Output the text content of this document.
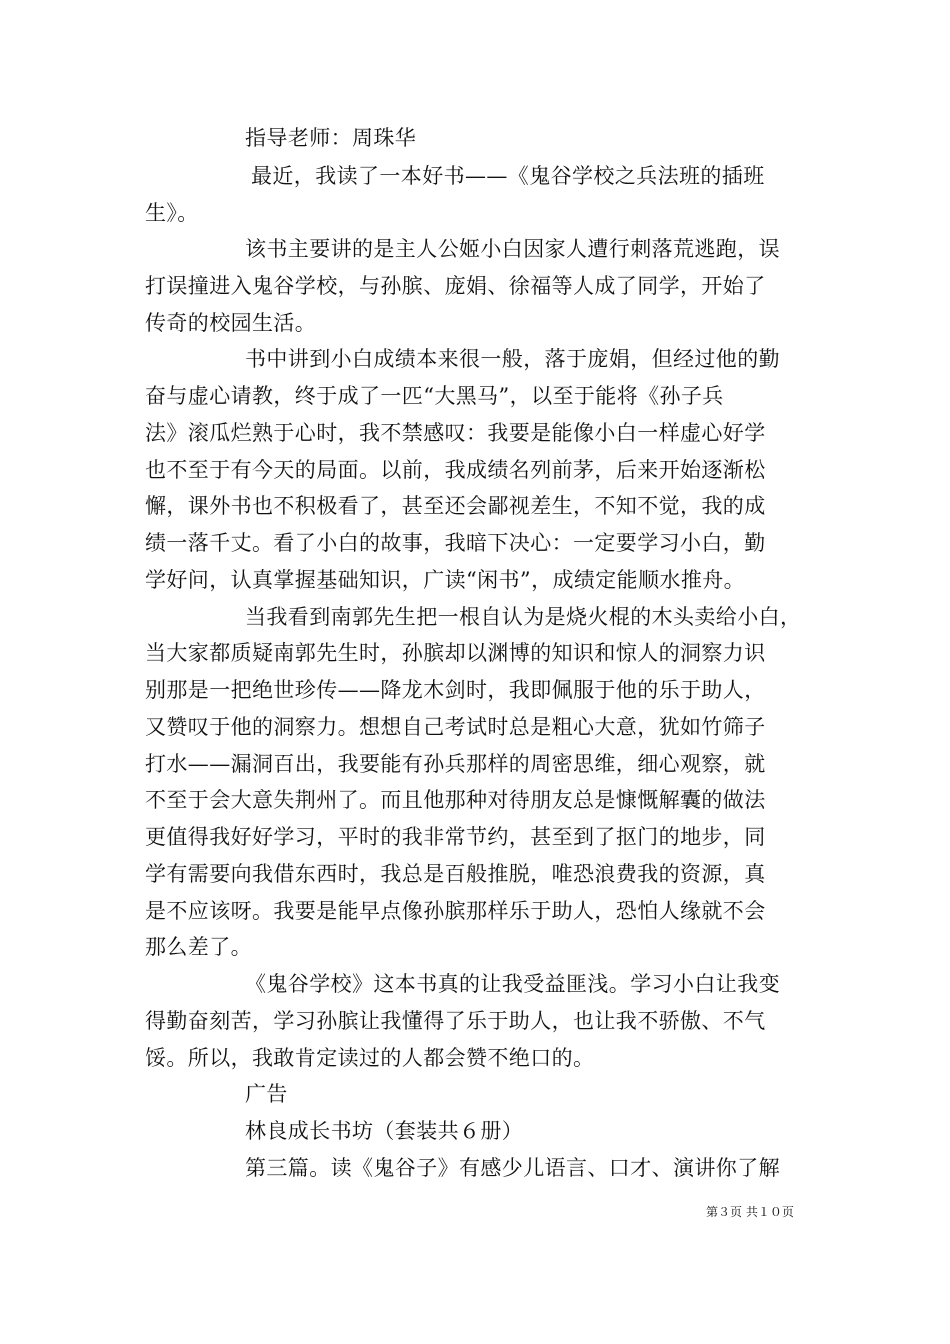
指导老师：周珠华
最近，我读了一本好书——《鬼谷学校之兵法班的插班
生》。
该书主要讲的是主人公姬小白因家人遭行刺落荒逃跑，误
打误撞进入鬼谷学校，与孙膑、庞娟、徐福等人成了同学，开始了
传奇的校园生活。
书中讲到小白成绩本来很一般，落于庞娟，但经过他的勤
奋与虚心请教，终于成了一匹“大黑马”，以至于能将《孙子兵
法》滚瓜烂熟于心时，我不禁感叹：我要是能像小白一样虚心好学
也不至于有今天的局面。以前，我成绩名列前茅，后来开始逐渐松
懈，课外书也不积极看了，甚至还会鄙视差生，不知不觉，我的成
绩一落千丈。看了小白的故事，我暗下决心：一定要学习小白，勤
学好问，认真掌握基础知识，广读“闲书”，成绩定能顺水推舟。
当我看到南郭先生把一根自认为是烧火棍的木头卖给小白，
当大家都质疑南郭先生时，孙膑却以渊博的知识和惊人的洞察力识
别那是一把绝世珍传——降龙木剑时，我即佩服于他的乐于助人，
又赞叹于他的洞察力。想想自己考试时总是粗心大意，犹如竹筛子
打水——漏洞百出，我要能有孙兵那样的周密思维，细心观察，就
不至于会大意失荆州了。而且他那种对待朋友总是慷慨解囊的做法
更值得我好好学习，平时的我非常节约，甚至到了抠门的地步，同
学有需要向我借东西时，我总是百般推脱，唯恐浪费我的资源，真
是不应该呀。我要是能早点像孙膑那样乐于助人，恐怕人缘就不会
那么差了。
《鬼谷学校》这本书真的让我受益匪浅。学习小白让我变
得勤奋刻苦，学习孙膑让我懂得了乐于助人，也让我不骄傲、不气
馁。所以，我敢肯定读过的人都会赞不绝口的。
广告
林良成长书坊（套装共６册）
第三篇。读《鬼谷子》有感少儿语言、口才、演讲你了解
第３页 共１０页
